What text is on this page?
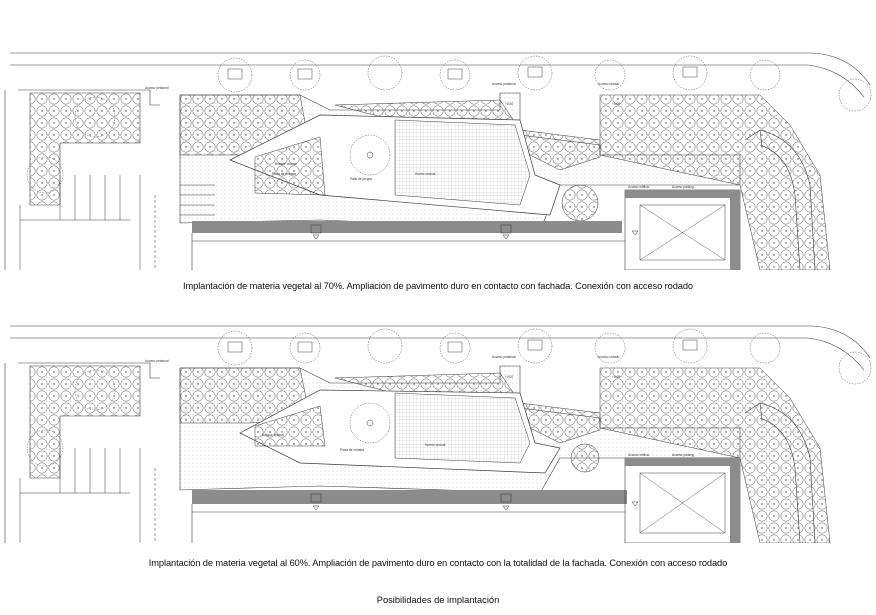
Acceso peatonal
Acceso peatonal	Acceso rodado
+0.00	+0.00
Bosque vecinal
Huerto vecinal
Patio de juegos
Plaza de entrada
Acceso edificio	Acceso parking
Implantación de materia vegetal al 70%. Ampliación de pavimento duro en contacto con fachada. Conexión con acceso rodado
Acceso peatonal
Acceso peatonal	Acceso rodado
+0.00	+0.00
Bosque vecinal
Huerto vecinal
Plaza de entrada
Acceso edificio	Acceso parking
Implantación de materia vegetal al 60%. Ampliación de pavimento duro en contacto con la totalidad de la fachada. Conexión con acceso rodado
Posibilidades de implantación
